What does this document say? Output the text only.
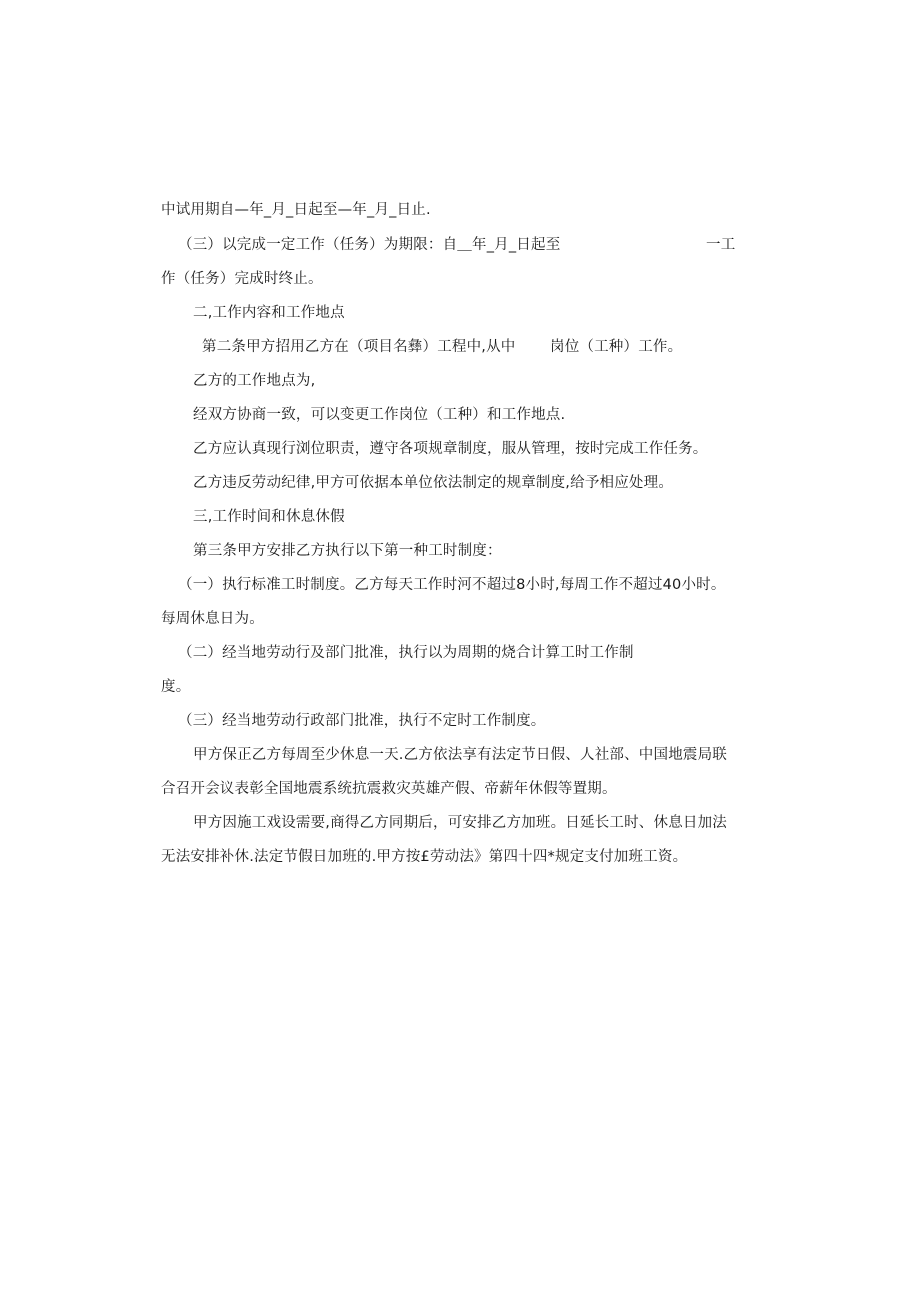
中试用期自—年_月_日起至—年_月_日止.
（三）以完成一定工作（任务）为期限：自＿年_月_日起至	一工
作（任务）完成时终止。
二,工作内容和工作地点
第二条甲方招用乙方在（项目名彝）工程中,从中 岗位（工种）工作。
乙方的工作地点为,
经双方协商一致，可以变更工作岗位（工种）和工作地点.
乙方应认真现行浏位职责，遵守各项规章制度，服从管理，按时完成工作任务。
乙方违反劳动纪律,甲方可依据本单位依法制定的规章制度,给予相应处理。
三,工作时间和休息休假
第三条甲方安排乙方执行以下第一种工时制度：
（一）执行标准工时制度。乙方每天工作时河不超过8小时,每周工作不超过40小时。
每周休息日为。
（二）经当地劳动行及部门批准，执行以为周期的烧合计算工时工作制
度。
（三）经当地劳动行政部门批准，执行不定时工作制度。
甲方保正乙方每周至少休息一天.乙方依法享有法定节日假、人社部、中国地震局联
合召开会议表彰全国地震系统抗震救灾英雄产假、帝薪年休假等置期。
甲方因施工戏设需要,商得乙方同期后，可安排乙方加班。日延长工时、休息日加法
无法安排补休.法定节假日加班的.甲方按£劳动法》第四十四*规定支付加班工资。
